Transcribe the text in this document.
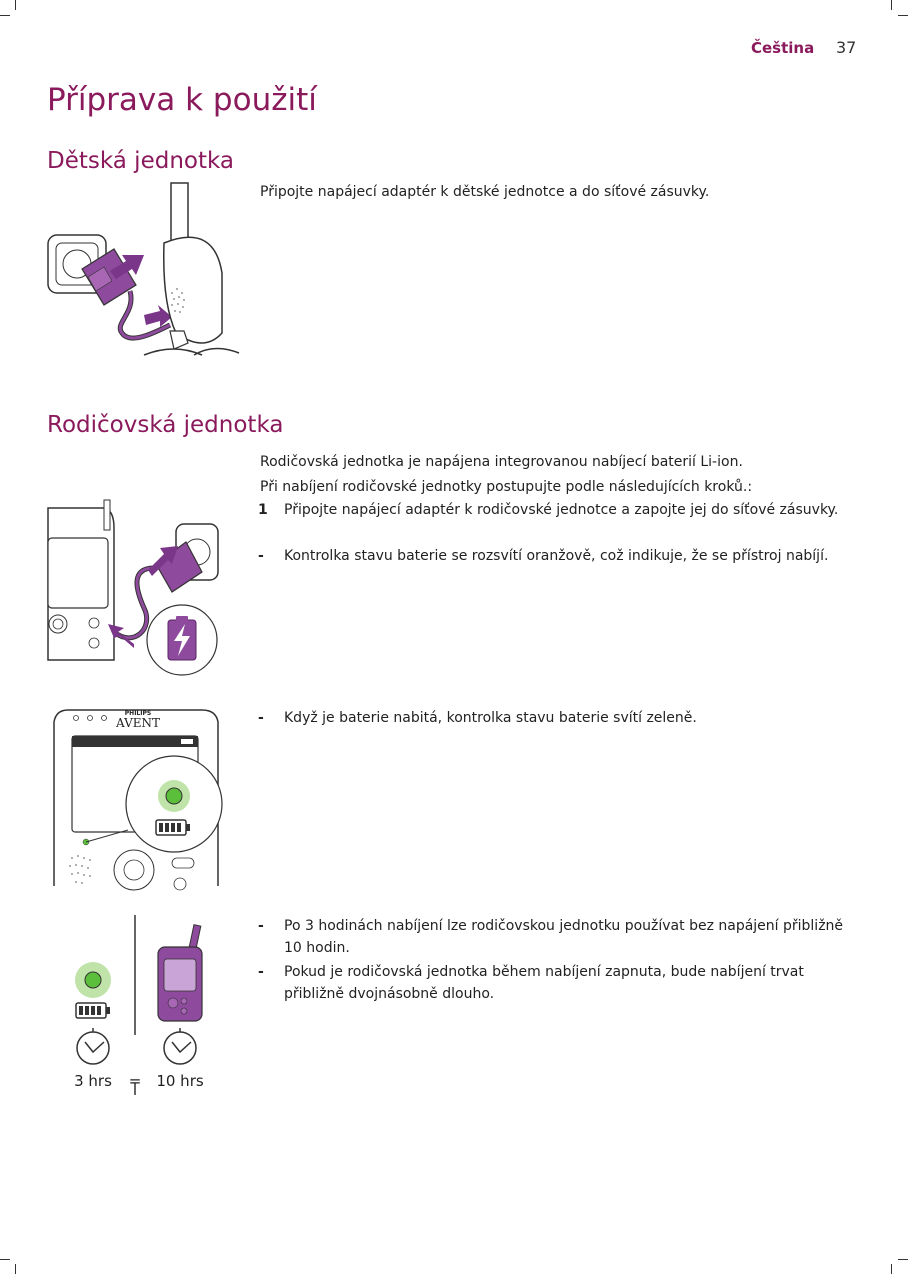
Čeština 37
Příprava k použití
Dětská jednotka

Připojte napájecí adaptér k dětské jednotce a do síťové zásuvky.

Rodičovská jednotka

Rodičovská jednotka je napájena integrovanou nabíjecí baterií Li-ion.

Při nabíjení rodičovské jednotky postupujte podle následujících kroků.:

1	Připojte napájecí adaptér k rodičovské jednotce a zapojte jej do síťové zásuvky.
-	Kontrolka stavu baterie se rozsvítí oranžově, což indikuje, že se přístroj nabíjí.
-	Když je baterie nabitá, kontrolka stavu baterie svítí zeleně.
PHILIPS
AVENT
-	Po 3 hodinách nabíjení lze rodičovskou jednotku používat bez napájení přibližně 10 hodin.
-	Pokud je rodičovská jednotka během nabíjení zapnuta, bude nabíjení trvat přibližně dvojnásobně dlouho.
3 hrs = 10 hrs
